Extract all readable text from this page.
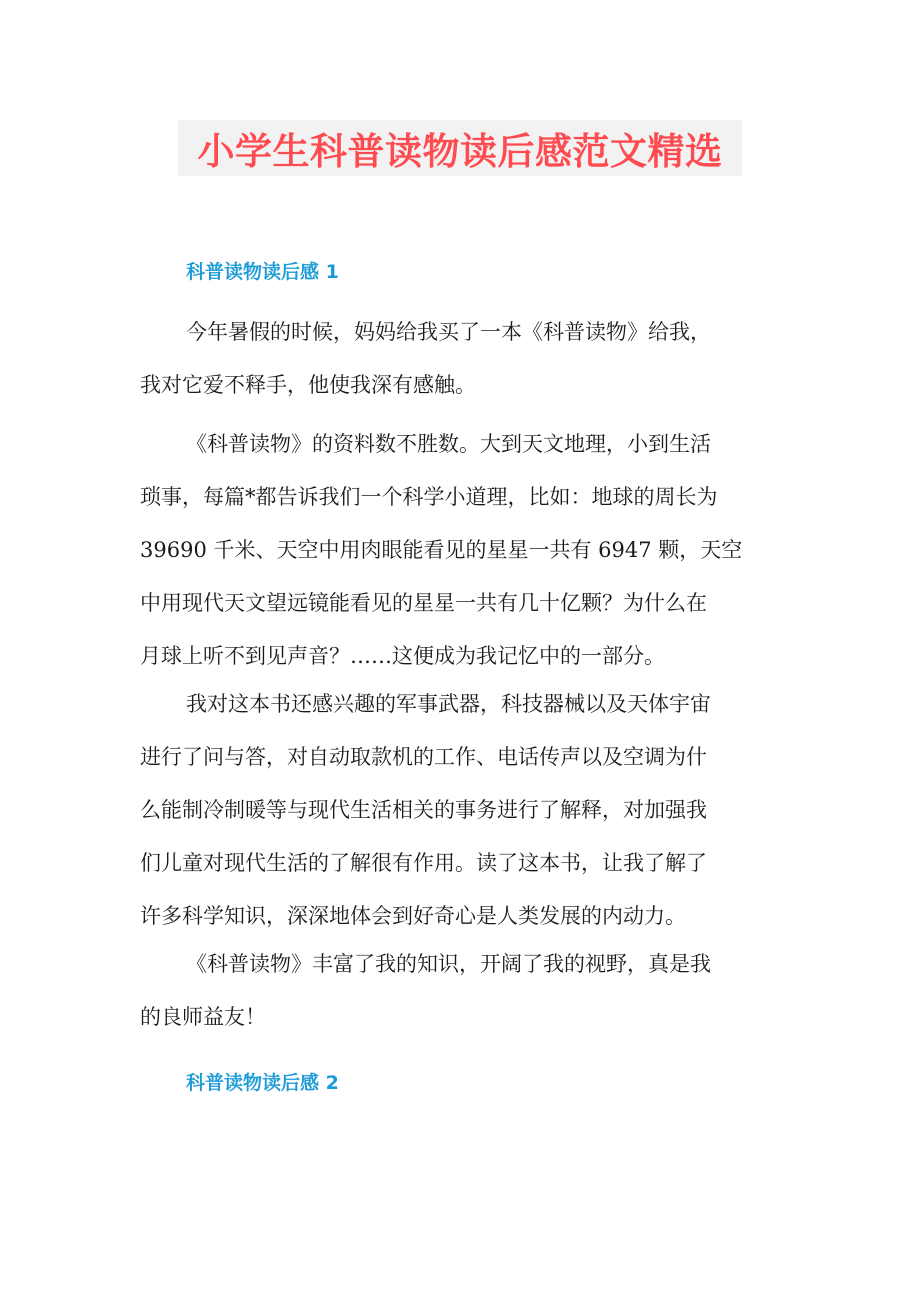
小学生科普读物读后感范文精选
科普读物读后感 1

今年暑假的时候，妈妈给我买了一本《科普读物》给我，
我对它爱不释手，他使我深有感触。

《科普读物》的资料数不胜数。大到天文地理，小到生活
琐事，每篇*都告诉我们一个科学小道理，比如：地球的周长为
39690 千米、天空中用肉眼能看见的星星一共有 6947 颗，天空
中用现代天文望远镜能看见的星星一共有几十亿颗？为什么在
月球上听不到见声音？……这便成为我记忆中的一部分。

我对这本书还感兴趣的军事武器，科技器械以及天体宇宙
进行了问与答，对自动取款机的工作、电话传声以及空调为什
么能制冷制暖等与现代生活相关的事务进行了解释，对加强我
们儿童对现代生活的了解很有作用。读了这本书，让我了解了
许多科学知识，深深地体会到好奇心是人类发展的内动力。

《科普读物》丰富了我的知识，开阔了我的视野，真是我
的良师益友！

科普读物读后感 2
